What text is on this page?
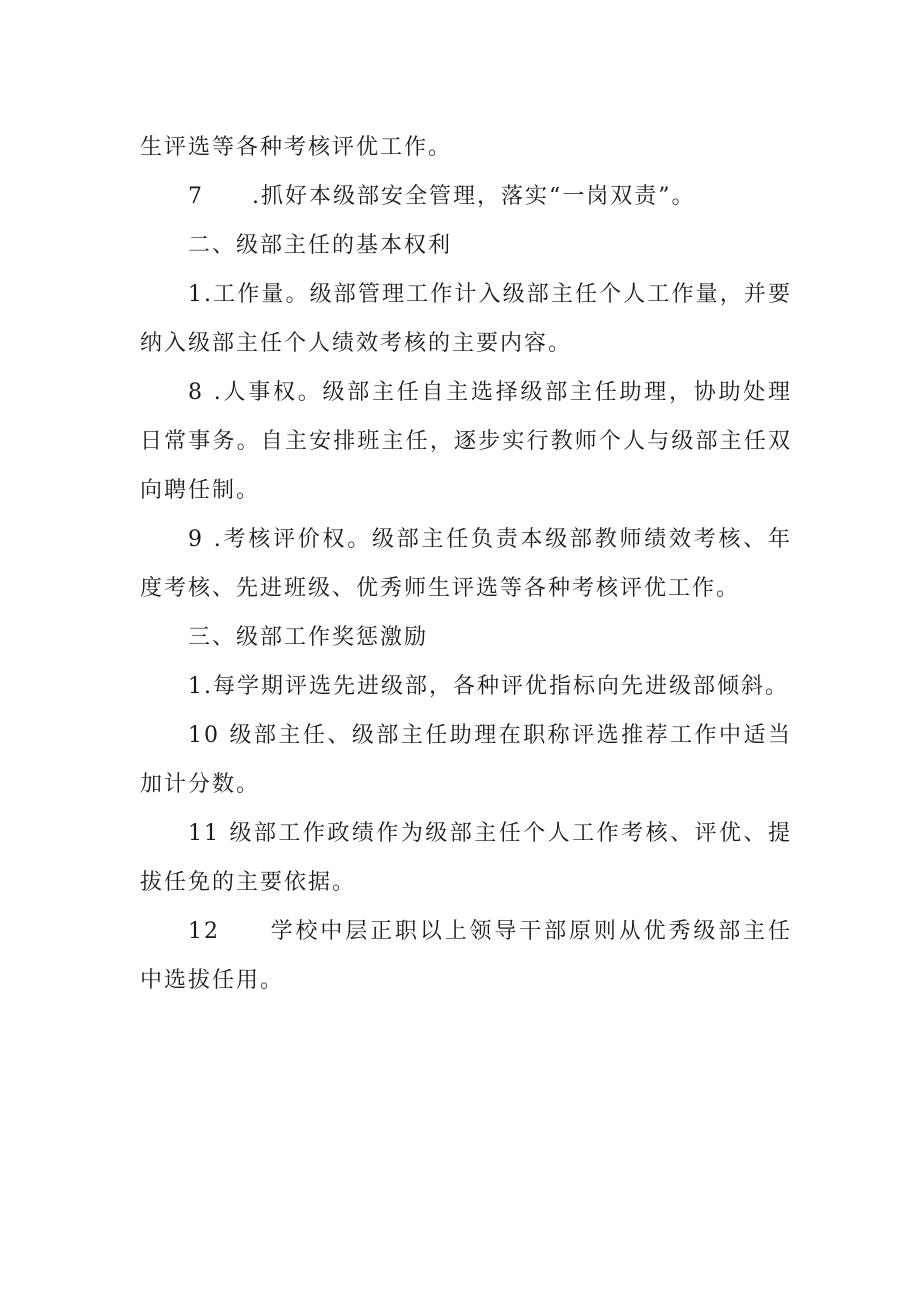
生评选等各种考核评优工作。

7　　.抓好本级部安全管理，落实“一岗双责”。

二、级部主任的基本权利

1.工作量。级部管理工作计入级部主任个人工作量，并要纳入级部主任个人绩效考核的主要内容。

8 .人事权。级部主任自主选择级部主任助理，协助处理日常事务。自主安排班主任，逐步实行教师个人与级部主任双向聘任制。

9 .考核评价权。级部主任负责本级部教师绩效考核、年度考核、先进班级、优秀师生评选等各种考核评优工作。

三、级部工作奖惩激励

1.每学期评选先进级部，各种评优指标向先进级部倾斜。

10 级部主任、级部主任助理在职称评选推荐工作中适当加计分数。

11 级部工作政绩作为级部主任个人工作考核、评优、提拔任免的主要依据。

12　　学校中层正职以上领导干部原则从优秀级部主任中选拔任用。
